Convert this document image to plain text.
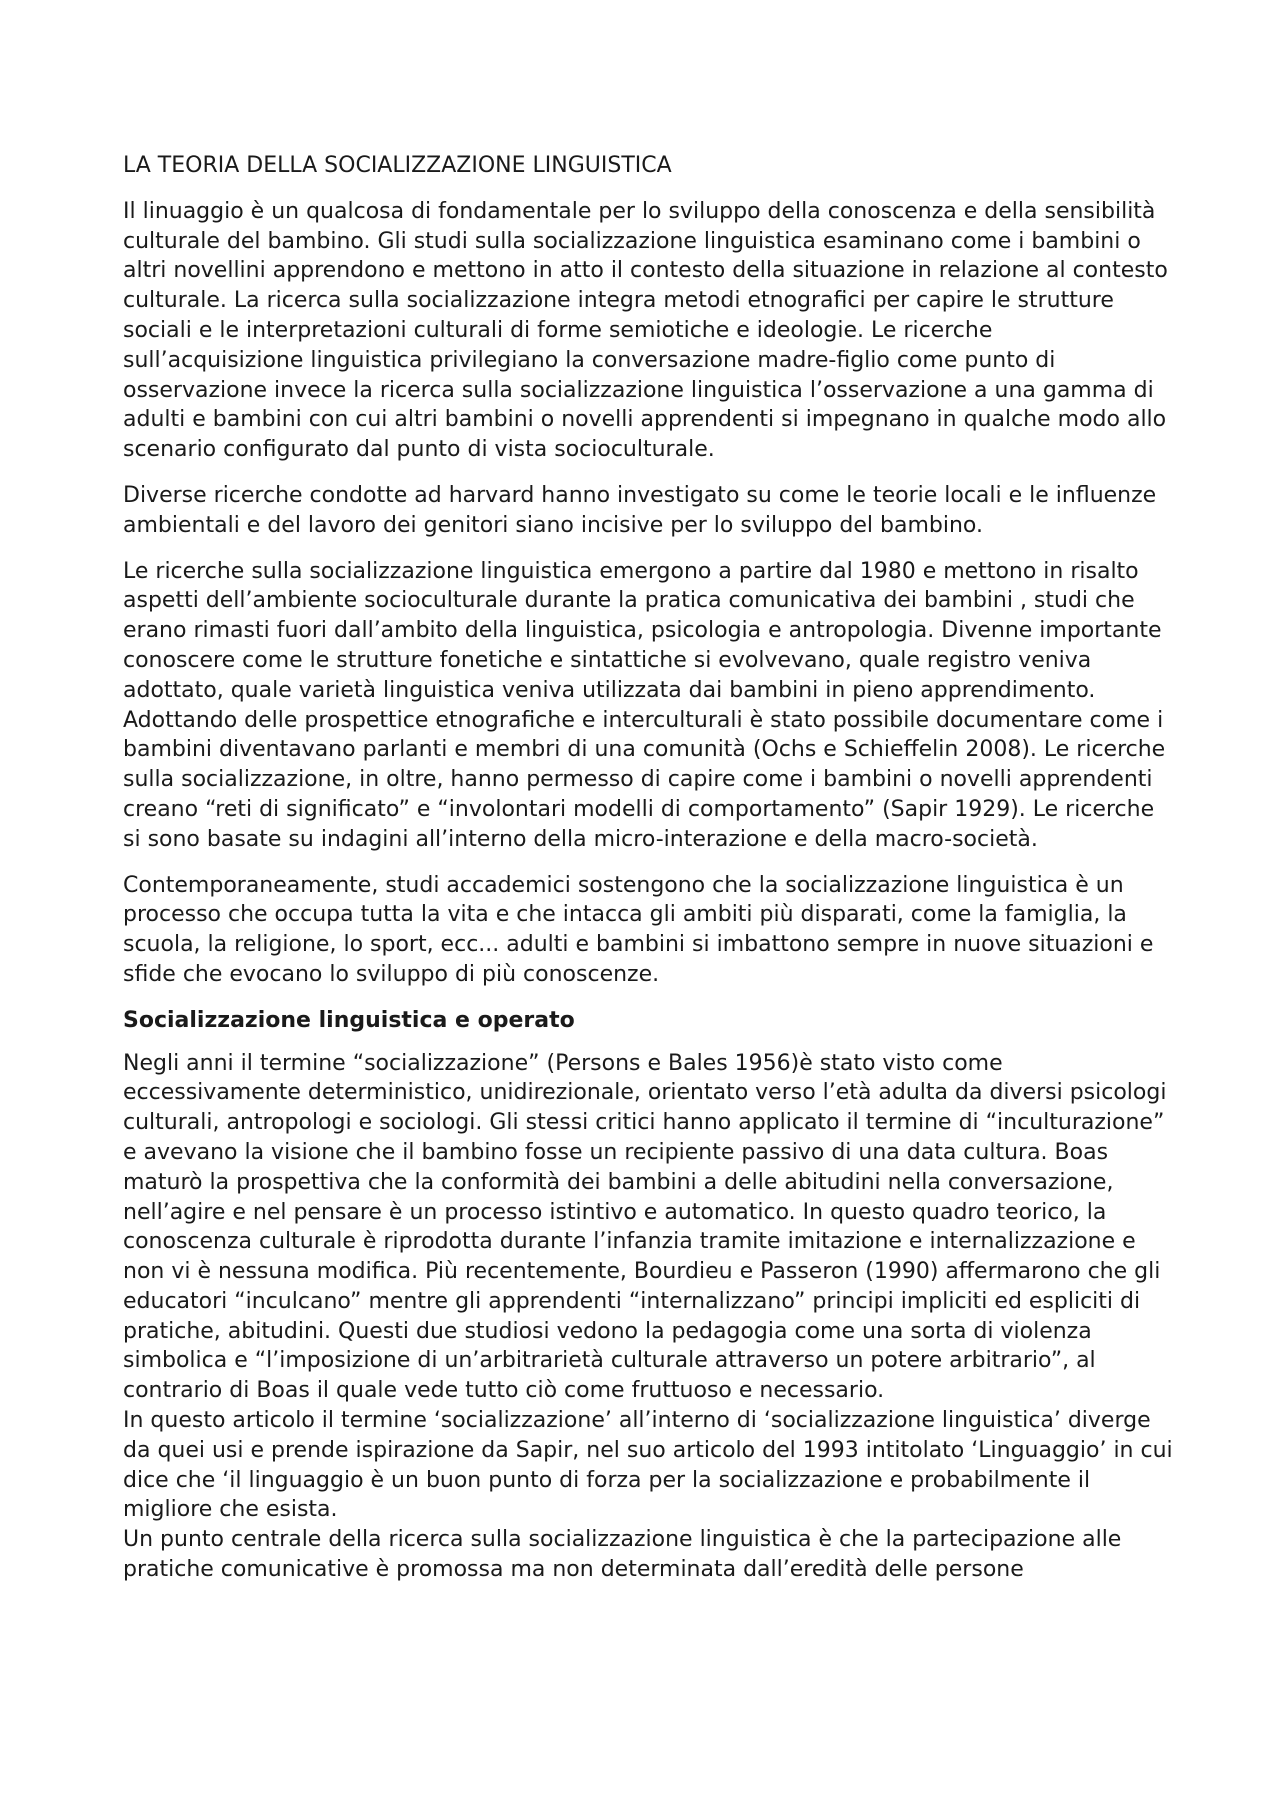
LA TEORIA DELLA SOCIALIZZAZIONE LINGUISTICA

Il linuaggio è un qualcosa di fondamentale per lo sviluppo della conoscenza e della sensibilità culturale del bambino. Gli studi sulla socializzazione linguistica esaminano come i bambini o altri novellini apprendono e mettono in atto il contesto della situazione in relazione al contesto culturale. La ricerca sulla socializzazione integra metodi etnografici per capire le strutture sociali e le interpretazioni culturali di forme semiotiche e ideologie. Le ricerche sull’acquisizione linguistica privilegiano la conversazione madre-figlio come punto di osservazione invece la ricerca sulla socializzazione linguistica l’osservazione a una gamma di adulti e bambini con cui altri bambini o novelli apprendenti si impegnano in qualche modo allo scenario configurato dal punto di vista socioculturale.

Diverse ricerche condotte ad harvard hanno investigato su come le teorie locali e le influenze ambientali e del lavoro dei genitori siano incisive per lo sviluppo del bambino.

Le ricerche sulla socializzazione linguistica emergono a partire dal 1980 e mettono in risalto aspetti dell’ambiente socioculturale durante la pratica comunicativa dei bambini , studi che erano rimasti fuori dall’ambito della linguistica, psicologia e antropologia. Divenne importante conoscere come le strutture fonetiche e sintattiche si evolvevano, quale registro veniva adottato, quale varietà linguistica veniva utilizzata dai bambini in pieno apprendimento. Adottando delle prospettice etnografiche e interculturali è stato possibile documentare come i bambini diventavano parlanti e membri di una comunità (Ochs e Schieffelin 2008). Le ricerche sulla socializzazione, in oltre, hanno permesso di capire come i bambini o novelli apprendenti creano “reti di significato” e “involontari modelli di comportamento” (Sapir 1929). Le ricerche si sono basate su indagini all’interno della micro-interazione e della macro-società.

Contemporaneamente, studi accademici sostengono che la socializzazione linguistica è un processo che occupa tutta la vita e che intacca gli ambiti più disparati, come la famiglia, la scuola, la religione, lo sport, ecc... adulti e bambini si imbattono sempre in nuove situazioni e sfide che evocano lo sviluppo di più conoscenze.

Socializzazione linguistica e operato

Negli anni il termine “socializzazione” (Persons e Bales 1956)è stato visto come eccessivamente deterministico, unidirezionale, orientato verso l’età adulta da diversi psicologi culturali, antropologi e sociologi. Gli stessi critici hanno applicato il termine di “inculturazione” e avevano la visione che il bambino fosse un recipiente passivo di una data cultura. Boas maturò la prospettiva che la conformità dei bambini a delle abitudini nella conversazione, nell’agire e nel pensare è un processo istintivo e automatico. In questo quadro teorico, la conoscenza culturale è riprodotta durante l’infanzia tramite imitazione e internalizzazione e non vi è nessuna modifica. Più recentemente, Bourdieu e Passeron (1990) affermarono che gli educatori “inculcano” mentre gli apprendenti “internalizzano” principi impliciti ed espliciti di pratiche, abitudini. Questi due studiosi vedono la pedagogia come una sorta di violenza simbolica e “l’imposizione di un’arbitrarietà culturale attraverso un potere arbitrario”, al contrario di Boas il quale vede tutto ciò come fruttuoso e necessario.

In questo articolo il termine ‘socializzazione’ all’interno di ‘socializzazione linguistica’ diverge da quei usi e prende ispirazione da Sapir, nel suo articolo del 1993 intitolato ‘Linguaggio’ in cui dice che ‘il linguaggio è un buon punto di forza per la socializzazione e probabilmente il migliore che esista.

Un punto centrale della ricerca sulla socializzazione linguistica è che la partecipazione alle pratiche comunicative è promossa ma non determinata dall’eredità delle persone
